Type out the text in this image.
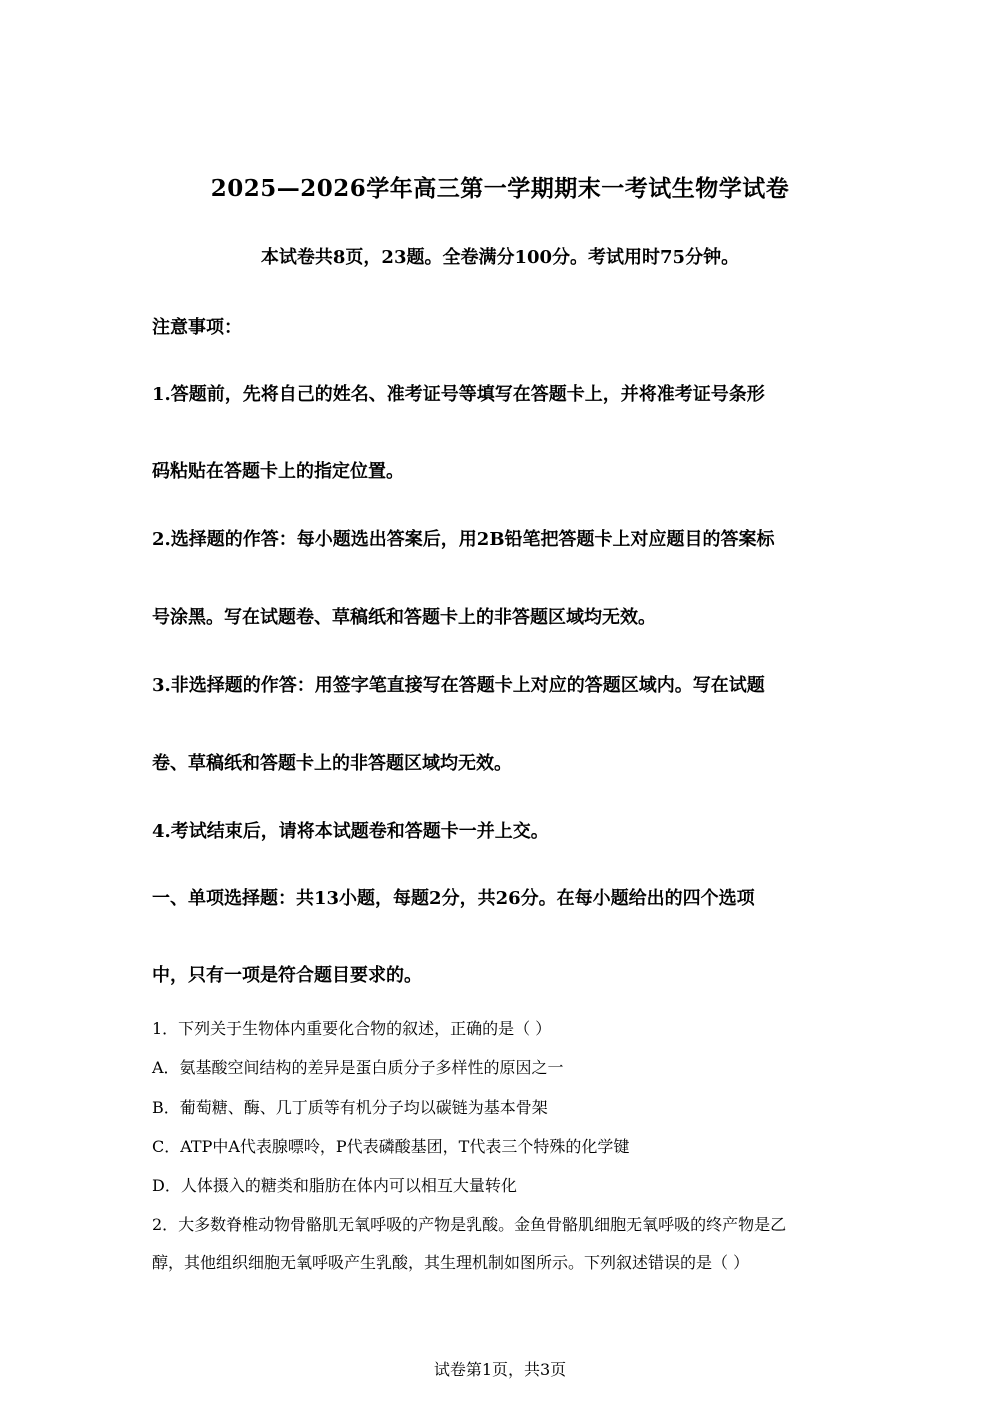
2025—2026学年高三第一学期期末一考试生物学试卷
本试卷共8页，23题。全卷满分100分。考试用时75分钟。
注意事项：
1.答题前，先将自己的姓名、准考证号等填写在答题卡上，并将准考证号条形
码粘贴在答题卡上的指定位置。
2.选择题的作答：每小题选出答案后，用2B铅笔把答题卡上对应题目的答案标
号涂黑。写在试题卷、草稿纸和答题卡上的非答题区域均无效。
3.非选择题的作答：用签字笔直接写在答题卡上对应的答题区域内。写在试题
卷、草稿纸和答题卡上的非答题区域均无效。
4.考试结束后，请将本试题卷和答题卡一并上交。
一、单项选择题：共13小题，每题2分，共26分。在每小题给出的四个选项
中，只有一项是符合题目要求的。
1．下列关于生物体内重要化合物的叙述，正确的是（ ）
A．氨基酸空间结构的差异是蛋白质分子多样性的原因之一
B．葡萄糖、酶、几丁质等有机分子均以碳链为基本骨架
C．ATP中A代表腺嘌呤，P代表磷酸基团，T代表三个特殊的化学键
D．人体摄入的糖类和脂肪在体内可以相互大量转化
2．大多数脊椎动物骨骼肌无氧呼吸的产物是乳酸。金鱼骨骼肌细胞无氧呼吸的终产物是乙
醇，其他组织细胞无氧呼吸产生乳酸，其生理机制如图所示。下列叙述错误的是（ ）
试卷第1页，共3页
